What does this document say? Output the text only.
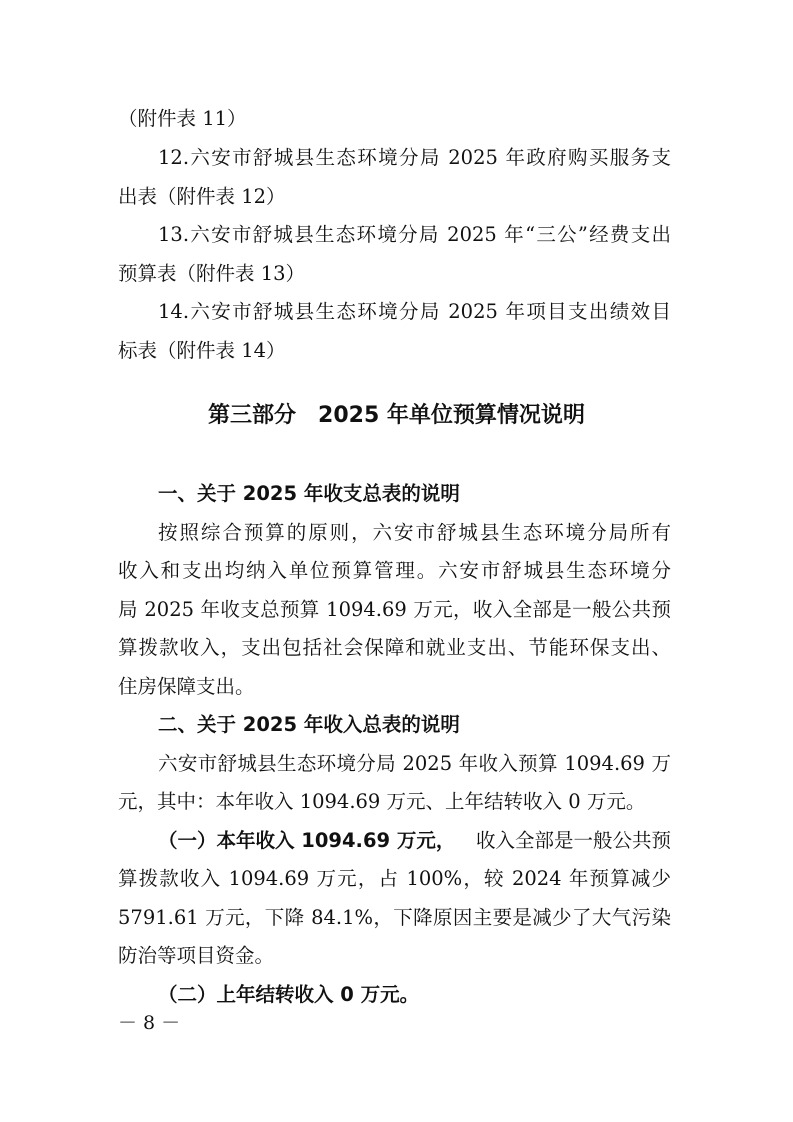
（附件表 11）
12.六安市舒城县生态环境分局 2025 年政府购买服务支
出表（附件表 12）
13.六安市舒城县生态环境分局 2025 年“三公”经费支出
预算表（附件表 13）
14.六安市舒城县生态环境分局 2025 年项目支出绩效目
标表（附件表 14）
第三部分　2025 年单位预算情况说明
一、关于 2025 年收支总表的说明
按照综合预算的原则，六安市舒城县生态环境分局所有
收入和支出均纳入单位预算管理。六安市舒城县生态环境分
局 2025 年收支总预算 1094.69 万元，收入全部是一般公共预
算拨款收入，支出包括社会保障和就业支出、节能环保支出、
住房保障支出。
二、关于 2025 年收入总表的说明
六安市舒城县生态环境分局 2025 年收入预算 1094.69 万
元，其中：本年收入 1094.69 万元、上年结转收入 0 万元。
（一）本年收入 1094.69 万元， 收入全部是一般公共预
算拨款收入 1094.69 万元，占 100%，较 2024 年预算减少
5791.61 万元，下降 84.1%，下降原因主要是减少了大气污染
防治等项目资金。
（二）上年结转收入 0 万元。
－ 8 －
